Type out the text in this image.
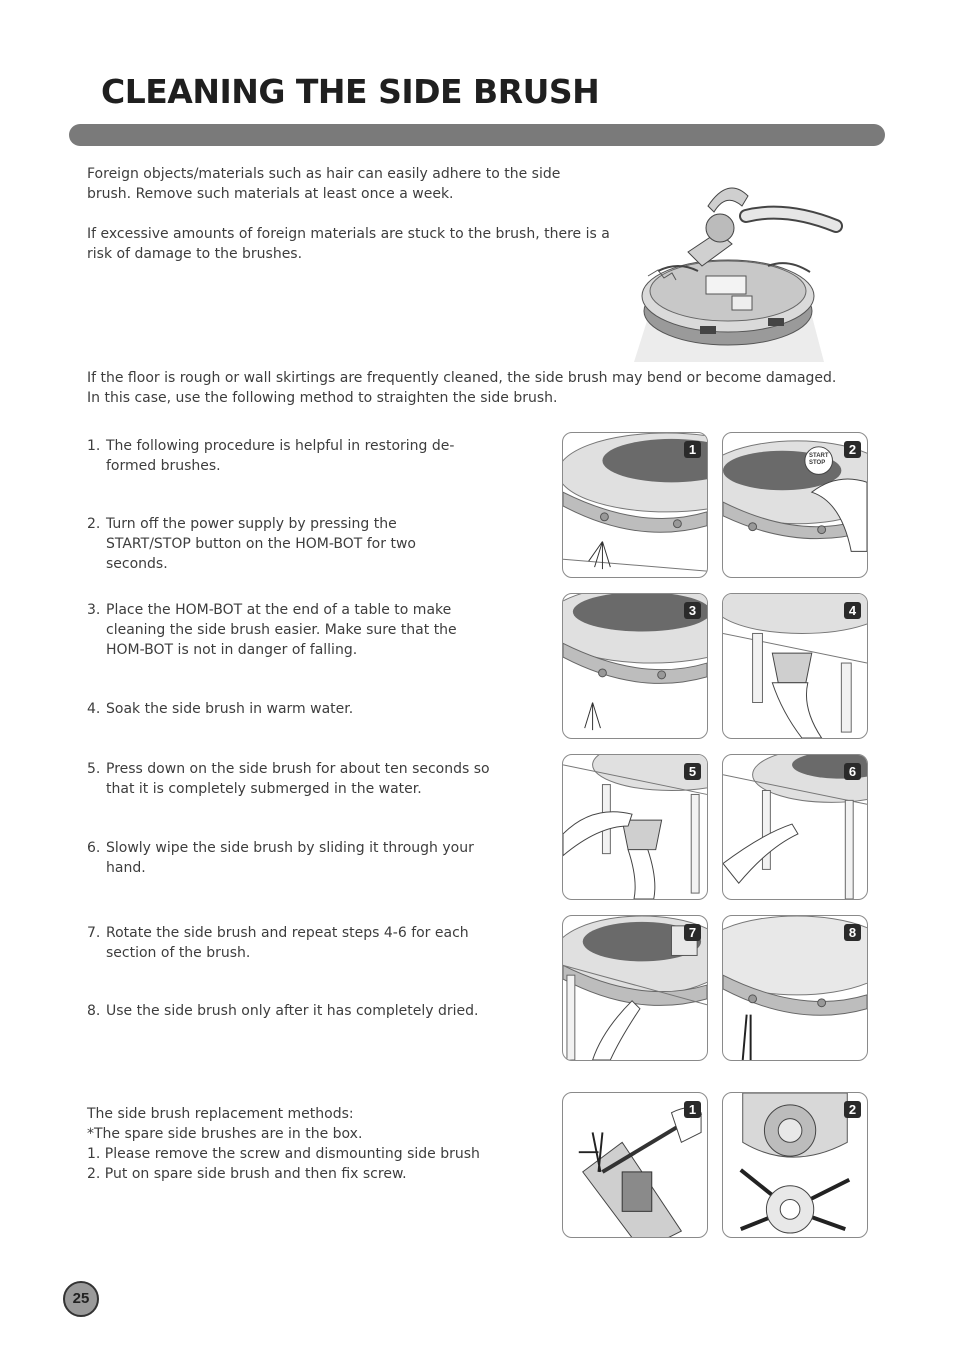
CLEANING THE SIDE BRUSH

Foreign objects/materials such as hair can easily adhere to the side

brush. Remove such materials at least once a week.

If excessive amounts of foreign materials are stuck to the brush, there is a

risk of damage to the brushes.

If the floor is rough or wall skirtings are frequently cleaned, the side brush may bend or become damaged.

In this case, use the following method to straighten the side brush.

1. The following procedure is helpful in restoring de-formed brushes.
2. Turn off the power supply by pressing the START/STOP button on the HOM-BOT for two seconds.
3. Place the HOM-BOT at the end of a table to make cleaning the side brush easier. Make sure that the HOM-BOT is not in danger of falling.
4. Soak the side brush in warm water.
5. Press down on the side brush for about ten seconds so that it is completely submerged in the water.
6. Slowly wipe the side brush by sliding it through your hand.
7. Rotate the side brush and repeat steps 4-6 for each section of the brush.
8. Use the side brush only after it has completely dried.
1	START
STOP
2
3	4
5	6
7	8

The side brush replacement methods:

*The spare side brushes are in the box.

1. Please remove the screw and dismounting side brush

2. Put on spare side brush and then fix screw.

1	2
25
